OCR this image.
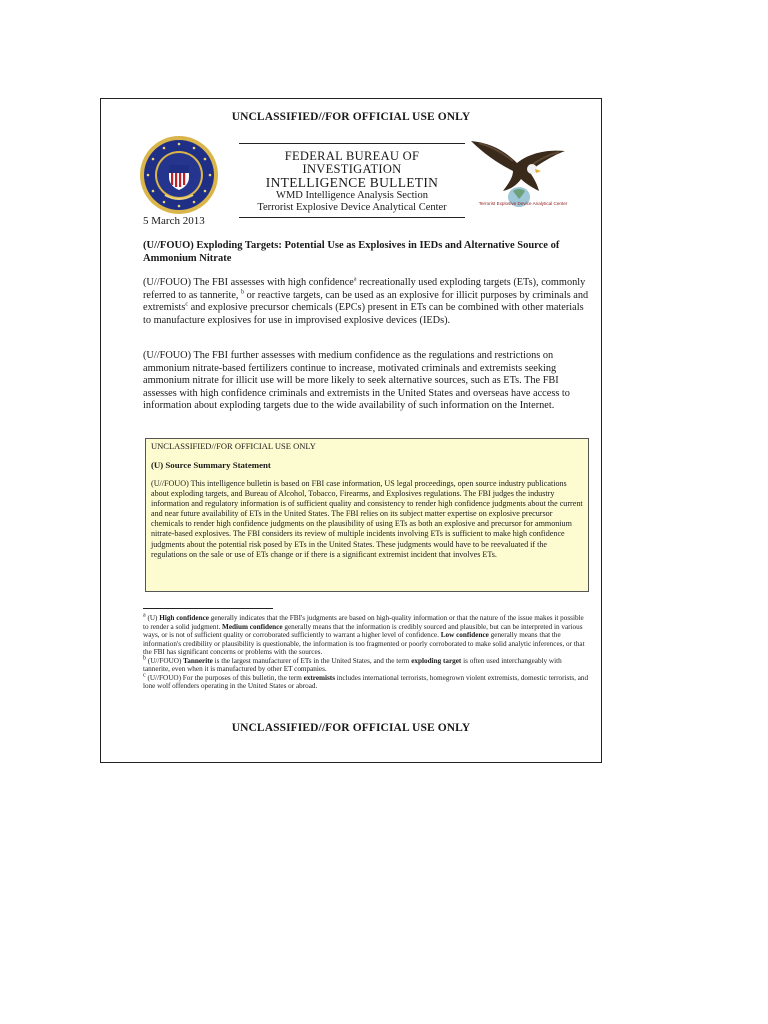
UNCLASSIFIED//FOR OFFICIAL USE ONLY
FEDERAL BUREAU OF INVESTIGATION
INTELLIGENCE BULLETIN
WMD Intelligence Analysis Section
Terrorist Explosive Device Analytical Center	Terrorist Explosive Device Analytical Center
5 March 2013
(U//FOUO) Exploding Targets: Potential Use as Explosives in IEDs and Alternative Source of Ammonium Nitrate
(U//FOUO) The FBI assesses with high confidence$^a$ recreationally used exploding targets (ETs), commonly referred to as tannerite, $^b$ or reactive targets, can be used as an explosive for illicit purposes by criminals and extremists$^c$ and explosive precursor chemicals (EPCs) present in ETs can be combined with other materials to manufacture explosives for use in improvised explosive devices (IEDs).
(U//FOUO) The FBI further assesses with medium confidence as the regulations and restrictions on ammonium nitrate-based fertilizers continue to increase, motivated criminals and extremists seeking ammonium nitrate for illicit use will be more likely to seek alternative sources, such as ETs. The FBI assesses with high confidence criminals and extremists in the United States and overseas have access to information about exploding targets due to the wide availability of such information on the Internet.
UNCLASSIFIED//FOR OFFICIAL USE ONLY
(U) Source Summary Statement
(U//FOUO) This intelligence bulletin is based on FBI case information, US legal proceedings, open source industry publications about exploding targets, and Bureau of Alcohol, Tobacco, Firearms, and Explosives regulations. The FBI judges the industry information and regulatory information is of sufficient quality and consistency to render high confidence judgments about the current and near future availability of ETs in the United States. The FBI relies on its subject matter expertise on explosive precursor chemicals to render high confidence judgments on the plausibility of using ETs as both an explosive and precursor for ammonium nitrate-based explosives. The FBI considers its review of multiple incidents involving ETs is sufficient to make high confidence judgments about the potential risk posed by ETs in the United States. These judgments would have to be reevaluated if the regulations on the sale or use of ETs change or if there is a significant extremist incident that involves ETs.

$^a$ (U) High confidence generally indicates that the FBI's judgments are based on high-quality information or that the nature of the issue makes it possible to render a solid judgment. Medium confidence generally means that the information is credibly sourced and plausible, but can be interpreted in various ways, or is not of sufficient quality or corroborated sufficiently to warrant a higher level of confidence. Low confidence generally means that the information's credibility or plausibility is questionable, the information is too fragmented or poorly corroborated to make solid analytic inferences, or that the FBI has significant concerns or problems with the sources.

$^b$ (U//FOUO) Tannerite is the largest manufacturer of ETs in the United States, and the term exploding target is often used interchangeably with tannerite, even when it is manufactured by other ET companies.

$^c$ (U//FOUO) For the purposes of this bulletin, the term extremists includes international terrorists, homegrown violent extremists, domestic terrorists, and lone wolf offenders operating in the United States or abroad.

UNCLASSIFIED//FOR OFFICIAL USE ONLY
